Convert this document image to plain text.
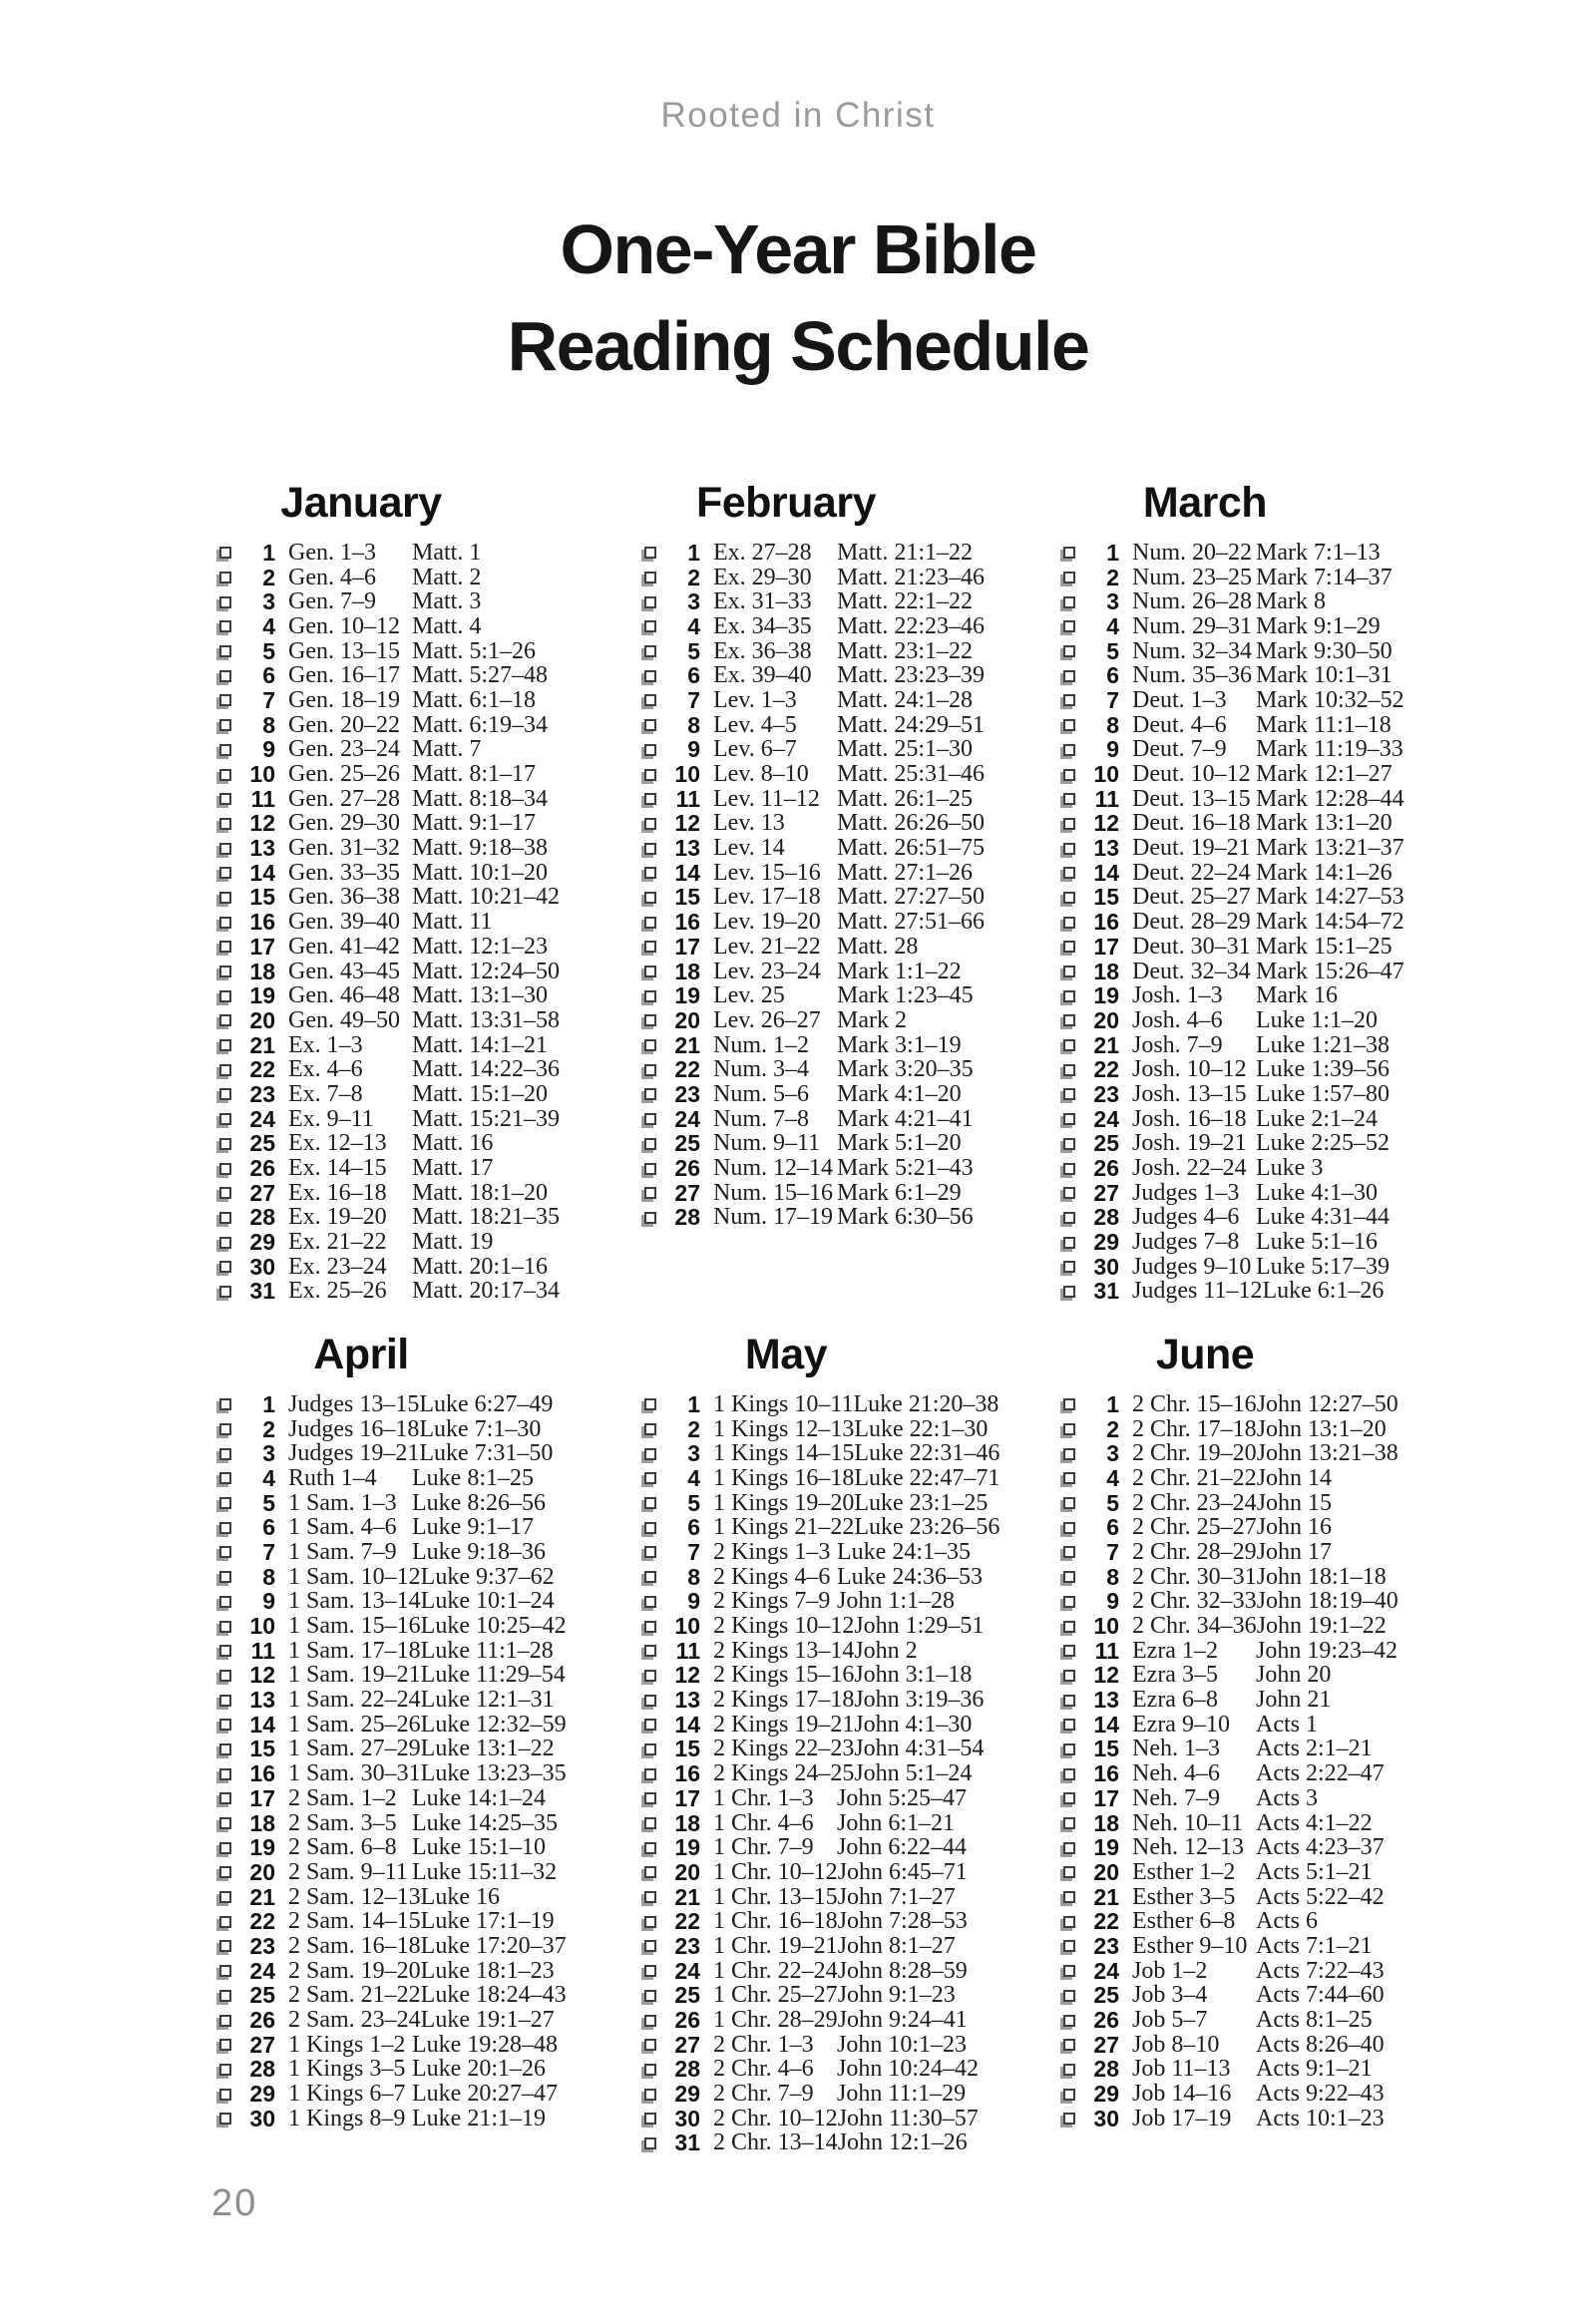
Rooted in Christ
One-Year Bible
Reading Schedule
January
1 Gen. 1–3	Matt. 1
2 Gen. 4–6	Matt. 2
3 Gen. 7–9	Matt. 3
4 Gen. 10–12 Matt. 4
5 Gen. 13–15 Matt. 5:1–26
6 Gen. 16–17 Matt. 5:27–48
7 Gen. 18–19 Matt. 6:1–18
8 Gen. 20–22 Matt. 6:19–34
9 Gen. 23–24 Matt. 7
10 Gen. 25–26 Matt. 8:1–17
11 Gen. 27–28 Matt. 8:18–34
12 Gen. 29–30 Matt. 9:1–17
13 Gen. 31–32 Matt. 9:18–38
14 Gen. 33–35 Matt. 10:1–20
15 Gen. 36–38 Matt. 10:21–42
16 Gen. 39–40 Matt. 11
17 Gen. 41–42 Matt. 12:1–23
18 Gen. 43–45 Matt. 12:24–50
19 Gen. 46–48 Matt. 13:1–30
20 Gen. 49–50 Matt. 13:31–58
21 Ex. 1–3	Matt. 14:1–21
22 Ex. 4–6	Matt. 14:22–36
23 Ex. 7–8	Matt. 15:1–20
24 Ex. 9–11	Matt. 15:21–39
25 Ex. 12–13	Matt. 16
26 Ex. 14–15	Matt. 17
27 Ex. 16–18	Matt. 18:1–20
28 Ex. 19–20	Matt. 18:21–35
29 Ex. 21–22	Matt. 19
30 Ex. 23–24	Matt. 20:1–16
31 Ex. 25–26	Matt. 20:17–34
February
1 Ex. 27–28	Matt. 21:1–22
2 Ex. 29–30	Matt. 21:23–46
3 Ex. 31–33	Matt. 22:1–22
4 Ex. 34–35	Matt. 22:23–46
5 Ex. 36–38	Matt. 23:1–22
6 Ex. 39–40	Matt. 23:23–39
7 Lev. 1–3	Matt. 24:1–28
8 Lev. 4–5	Matt. 24:29–51
9 Lev. 6–7	Matt. 25:1–30
10 Lev. 8–10	Matt. 25:31–46
11 Lev. 11–12 Matt. 26:1–25
12 Lev. 13	Matt. 26:26–50
13 Lev. 14	Matt. 26:51–75
14 Lev. 15–16 Matt. 27:1–26
15 Lev. 17–18 Matt. 27:27–50
16 Lev. 19–20 Matt. 27:51–66
17 Lev. 21–22 Matt. 28
18 Lev. 23–24 Mark 1:1–22
19 Lev. 25	Mark 1:23–45
20 Lev. 26–27 Mark 2
21 Num. 1–2	Mark 3:1–19
22 Num. 3–4	Mark 3:20–35
23 Num. 5–6	Mark 4:1–20
24 Num. 7–8	Mark 4:21–41
25 Num. 9–11 Mark 5:1–20
26 Num. 12–14 Mark 5:21–43
27 Num. 15–16 Mark 6:1–29
28 Num. 17–19 Mark 6:30–56
March
1 Num. 20–22 Mark 7:1–13
2 Num. 23–25 Mark 7:14–37
3 Num. 26–28 Mark 8
4 Num. 29–31 Mark 9:1–29
5 Num. 32–34 Mark 9:30–50
6 Num. 35–36 Mark 10:1–31
7 Deut. 1–3	Mark 10:32–52
8 Deut. 4–6	Mark 11:1–18
9 Deut. 7–9	Mark 11:19–33
10 Deut. 10–12 Mark 12:1–27
11 Deut. 13–15 Mark 12:28–44
12 Deut. 16–18 Mark 13:1–20
13 Deut. 19–21 Mark 13:21–37
14 Deut. 22–24 Mark 14:1–26
15 Deut. 25–27 Mark 14:27–53
16 Deut. 28–29 Mark 14:54–72
17 Deut. 30–31 Mark 15:1–25
18 Deut. 32–34 Mark 15:26–47
19 Josh. 1–3	Mark 16
20 Josh. 4–6	Luke 1:1–20
21 Josh. 7–9	Luke 1:21–38
22 Josh. 10–12 Luke 1:39–56
23 Josh. 13–15 Luke 1:57–80
24 Josh. 16–18 Luke 2:1–24
25 Josh. 19–21 Luke 2:25–52
26 Josh. 22–24 Luke 3
27 Judges 1–3 Luke 4:1–30
28 Judges 4–6 Luke 4:31–44
29 Judges 7–8 Luke 5:1–16
30 Judges 9–10 Luke 5:17–39
31 Judges 11–12 Luke 6:1–26
April
1 Judges 13–15 Luke 6:27–49
2 Judges 16–18 Luke 7:1–30
3 Judges 19–21 Luke 7:31–50
4 Ruth 1–4	Luke 8:1–25
5 1 Sam. 1–3 Luke 8:26–56
6 1 Sam. 4–6 Luke 9:1–17
7 1 Sam. 7–9 Luke 9:18–36
8 1 Sam. 10–12 Luke 9:37–62
9 1 Sam. 13–14 Luke 10:1–24
10 1 Sam. 15–16 Luke 10:25–42
11 1 Sam. 17–18 Luke 11:1–28
12 1 Sam. 19–21 Luke 11:29–54
13 1 Sam. 22–24 Luke 12:1–31
14 1 Sam. 25–26 Luke 12:32–59
15 1 Sam. 27–29 Luke 13:1–22
16 1 Sam. 30–31 Luke 13:23–35
17 2 Sam. 1–2 Luke 14:1–24
18 2 Sam. 3–5 Luke 14:25–35
19 2 Sam. 6–8 Luke 15:1–10
20 2 Sam. 9–11 Luke 15:11–32
21 2 Sam. 12–13 Luke 16
22 2 Sam. 14–15 Luke 17:1–19
23 2 Sam. 16–18 Luke 17:20–37
24 2 Sam. 19–20 Luke 18:1–23
25 2 Sam. 21–22 Luke 18:24–43
26 2 Sam. 23–24 Luke 19:1–27
27 1 Kings 1–2 Luke 19:28–48
28 1 Kings 3–5 Luke 20:1–26
29 1 Kings 6–7 Luke 20:27–47
30 1 Kings 8–9 Luke 21:1–19
May
1 1 Kings 10–11 Luke 21:20–38
2 1 Kings 12–13 Luke 22:1–30
3 1 Kings 14–15 Luke 22:31–46
4 1 Kings 16–18 Luke 22:47–71
5 1 Kings 19–20 Luke 23:1–25
6 1 Kings 21–22 Luke 23:26–56
7 2 Kings 1–3 Luke 24:1–35
8 2 Kings 4–6 Luke 24:36–53
9 2 Kings 7–9 John 1:1–28
10 2 Kings 10–12 John 1:29–51
11 2 Kings 13–14 John 2
12 2 Kings 15–16 John 3:1–18
13 2 Kings 17–18 John 3:19–36
14 2 Kings 19–21 John 4:1–30
15 2 Kings 22–23 John 4:31–54
16 2 Kings 24–25 John 5:1–24
17 1 Chr. 1–3 John 5:25–47
18 1 Chr. 4–6 John 6:1–21
19 1 Chr. 7–9 John 6:22–44
20 1 Chr. 10–12 John 6:45–71
21 1 Chr. 13–15 John 7:1–27
22 1 Chr. 16–18 John 7:28–53
23 1 Chr. 19–21 John 8:1–27
24 1 Chr. 22–24 John 8:28–59
25 1 Chr. 25–27 John 9:1–23
26 1 Chr. 28–29 John 9:24–41
27 2 Chr. 1–3 John 10:1–23
28 2 Chr. 4–6 John 10:24–42
29 2 Chr. 7–9 John 11:1–29
30 2 Chr. 10–12 John 11:30–57
31 2 Chr. 13–14 John 12:1–26
June
1 2 Chr. 15–16 John 12:27–50
2 2 Chr. 17–18 John 13:1–20
3 2 Chr. 19–20 John 13:21–38
4 2 Chr. 21–22 John 14
5 2 Chr. 23–24 John 15
6 2 Chr. 25–27 John 16
7 2 Chr. 28–29 John 17
8 2 Chr. 30–31 John 18:1–18
9 2 Chr. 32–33 John 18:19–40
10 2 Chr. 34–36 John 19:1–22
11 Ezra 1–2	John 19:23–42
12 Ezra 3–5	John 20
13 Ezra 6–8	John 21
14 Ezra 9–10	Acts 1
15 Neh. 1–3	Acts 2:1–21
16 Neh. 4–6	Acts 2:22–47
17 Neh. 7–9	Acts 3
18 Neh. 10–11 Acts 4:1–22
19 Neh. 12–13 Acts 4:23–37
20 Esther 1–2 Acts 5:1–21
21 Esther 3–5 Acts 5:22–42
22 Esther 6–8 Acts 6
23 Esther 9–10 Acts 7:1–21
24 Job 1–2	Acts 7:22–43
25 Job 3–4	Acts 7:44–60
26 Job 5–7	Acts 8:1–25
27 Job 8–10	Acts 8:26–40
28 Job 11–13	Acts 9:1–21
29 Job 14–16	Acts 9:22–43
30 Job 17–19	Acts 10:1–23
20
